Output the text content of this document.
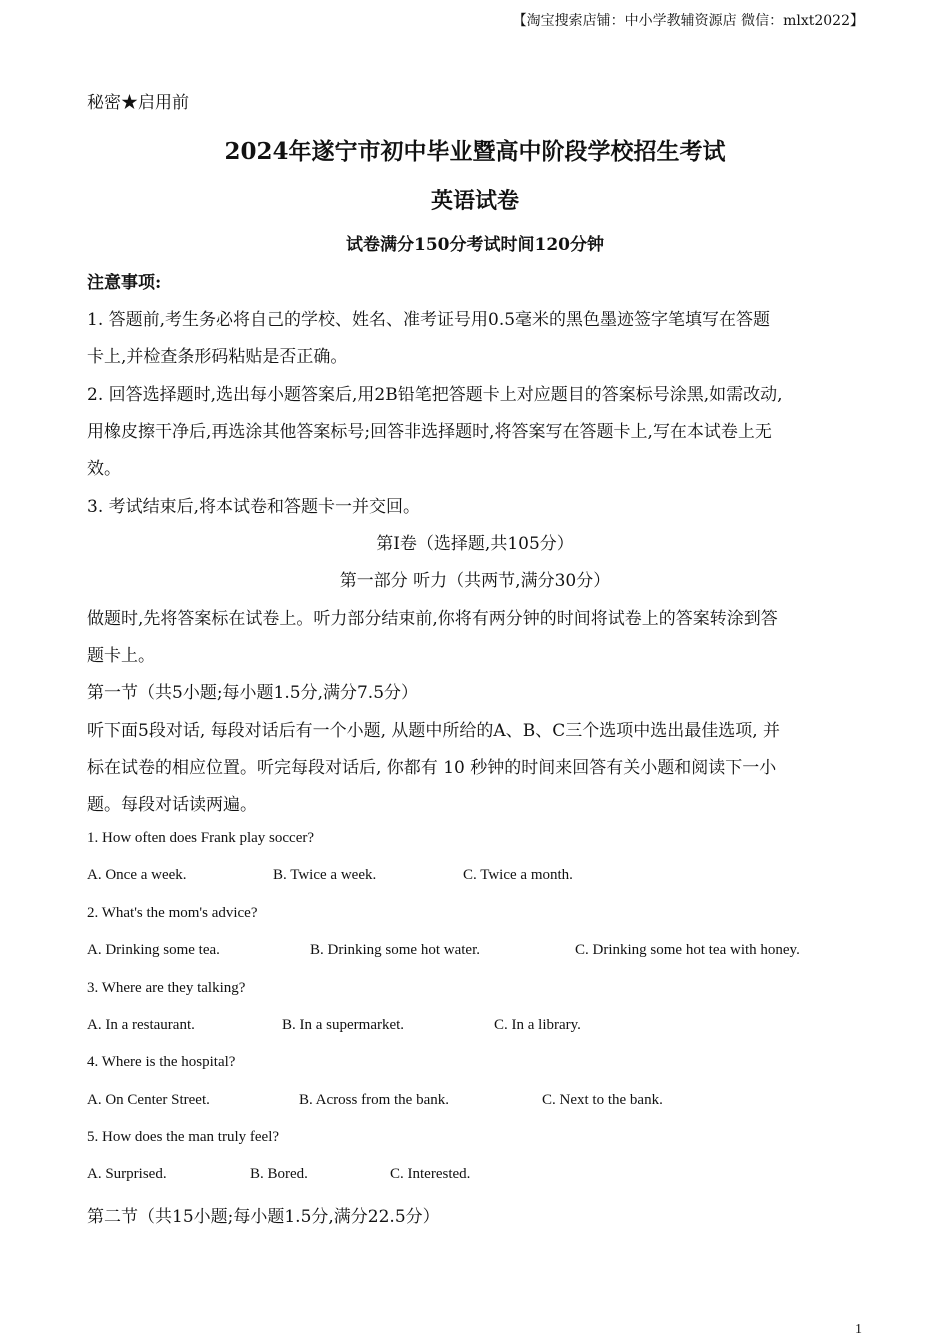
【淘宝搜索店铺：中小学教辅资源店 微信：mlxt2022】
秘密★启用前
2024年遂宁市初中毕业暨高中阶段学校招生考试
英语试卷
试卷满分150分考试时间120分钟
注意事项:
1. 答题前,考生务必将自己的学校、姓名、准考证号用0.5毫米的黑色墨迹签字笔填写在答题
卡上,并检查条形码粘贴是否正确。
2. 回答选择题时,选出每小题答案后,用2B铅笔把答题卡上对应题目的答案标号涂黑,如需改动,
用橡皮擦干净后,再选涂其他答案标号;回答非选择题时,将答案写在答题卡上,写在本试卷上无
效。
3. 考试结束后,将本试卷和答题卡一并交回。
第Ⅰ卷（选择题,共105分）
第一部分 听力（共两节,满分30分）
做题时,先将答案标在试卷上。听力部分结束前,你将有两分钟的时间将试卷上的答案转涂到答
题卡上。
第一节（共5小题;每小题1.5分,满分7.5分）
听下面5段对话, 每段对话后有一个小题, 从题中所给的A、B、C三个选项中选出最佳选项, 并
标在试卷的相应位置。听完每段对话后, 你都有 10 秒钟的时间来回答有关小题和阅读下一小
题。每段对话读两遍。
1. How often does Frank play soccer?
A. Once a week.	B. Twice a week.	C. Twice a month.
2. What's the mom's advice?
A. Drinking some tea.	B. Drinking some hot water.	C. Drinking some hot tea with honey.
3. Where are they talking?
A. In a restaurant.	B. In a supermarket.	C. In a library.
4. Where is the hospital?
A. On Center Street.	B. Across from the bank.	C. Next to the bank.
5. How does the man truly feel?
A. Surprised.	B. Bored.	C. Interested.
第二节（共15小题;每小题1.5分,满分22.5分）
1
